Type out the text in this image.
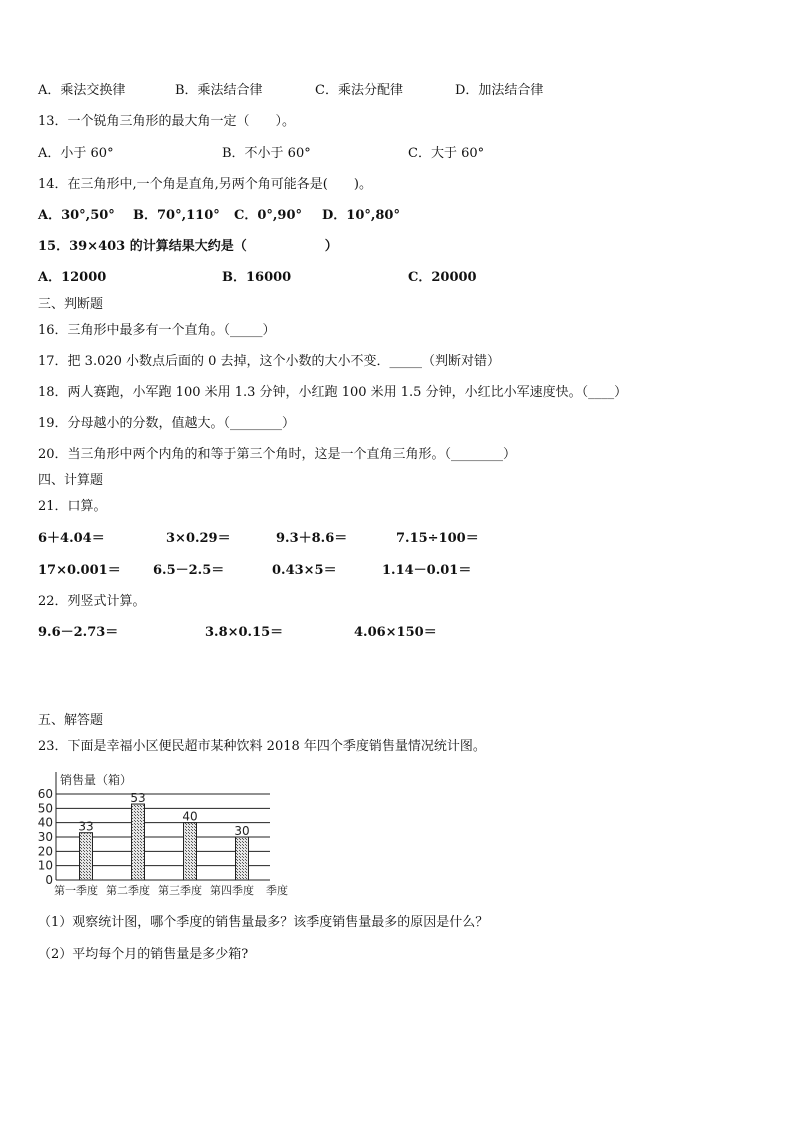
A．乘法交换律	B．乘法结合律	C．乘法分配律	D．加法结合律
13．一个锐角三角形的最大角一定（　　）。
A．小于 60°	B．不小于 60°	C．大于 60°
14．在三角形中,一个角是直角,另两个角可能各是(　　)。
A．30°,50° B．70°,110° C．0°,90° D．10°,80°
15．39×403 的计算结果大约是（　　　　　　）
A．12000	B．16000	C．20000
三、判断题
16．三角形中最多有一个直角。（_____）
17．把 3.020 小数点后面的 0 去掉，这个小数的大小不变．_____（判断对错）
18．两人赛跑，小军跑 100 米用 1.3 分钟，小红跑 100 米用 1.5 分钟，小红比小军速度快。（____）
19．分母越小的分数，值越大。（________）
20．当三角形中两个内角的和等于第三个角时，这是一个直角三角形。（________）
四、计算题
21．口算。
6＋4.04＝	3×0.29＝	9.3＋8.6＝	7.15÷100＝
17×0.001＝ 6.5－2.5＝	0.43×5＝	1.14－0.01＝
22．列竖式计算。
9.6－2.73＝	3.8×0.15＝	4.06×150＝
五、解答题
23．下面是幸福小区便民超市某种饮料 2018 年四个季度销售量情况统计图。
0
10
20
30
40
50
60
33
53
40
30
第一季度 第二季度 第三季度 第四季度
销售量（箱）
季度
（1）观察统计图，哪个季度的销售量最多？该季度销售量最多的原因是什么？
（2）平均每个月的销售量是多少箱?
